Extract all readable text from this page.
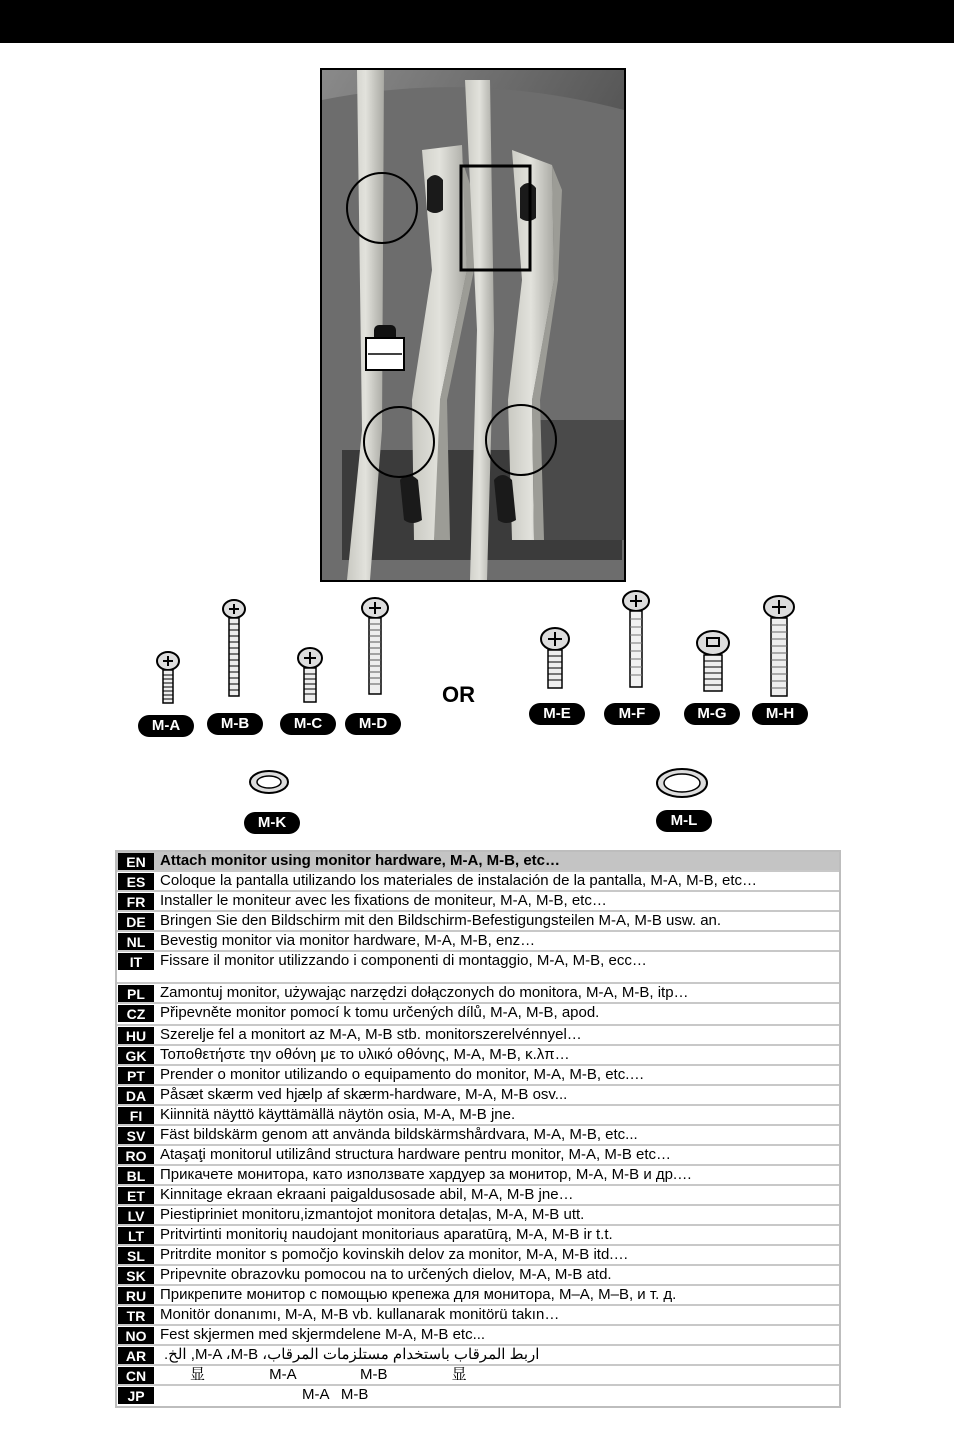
M-A	M-B	M-C	M-D
OR
M-E	M-F	M-G	M-H
M-K	M-L
EN Attach monitor using monitor hardware, M-A, M-B, etc…
ES Coloque la pantalla utilizando los materiales de instalación de la pantalla, M-A, M-B, etc…
FR Installer le moniteur avec les fixations de moniteur, M-A, M-B, etc…
DE Bringen Sie den Bildschirm mit den Bildschirm-Befestigungsteilen M-A, M-B usw. an.
NL Bevestig monitor via monitor hardware, M-A, M-B, enz…
IT	Fissare il monitor utilizzando i componenti di montaggio, M-A, M-B, ecc…
PL	Zamontuj monitor, używając narzędzi dołączonych do monitora, M-A, M-B, itp…
CZ Připevněte monitor pomocí k tomu určených dílů, M-A, M-B, apod.
HU Szerelje fel a monitort az M-A, M-B stb. monitorszerelvénnyel…
GK Τοποθετήστε την οθόνη με το υλικό οθόνης, M-A, M-B, κ.λπ…
PT	Prender o monitor utilizando o equipamento do monitor, M-A, M-B, etc.…
DA Påsæt skærm ved hjælp af skærm-hardware, M-A, M-B osv...
FI	Kiinnitä näyttö käyttämällä näytön osia, M-A, M-B jne.
SV Fäst bildskärm genom att använda bildskärmshårdvara, M-A, M-B, etc...
RO Ataşaţi monitorul utilizând structura hardware pentru monitor, M-A, M-B etc…
BL Прикачете монитора, като използвате хардуер за монитор, M-A, M-B и др.…
ET	Kinnitage ekraan ekraani paigaldusosade abil, M-A, M-B jne…
LV	Piestipriniet monitoru,izmantojot monitora detaļas, M-A, M-B utt.
LT	Pritvirtinti monitorių naudojant monitoriaus aparatūrą, M-A, M-B ir t.t.
SL	Pritrdite monitor s pomočjo kovinskih delov za monitor, M-A, M-B itd.…
SK Pripevnite obrazovku pomocou na to určených dielov, M-A, M-B atd.
RU Прикрепите монитор с помощью крепежа для монитора, M–A, M–B, и т. д.
TR Monitör donanımı, M-A, M-B vb. kullanarak monitörü takın…
NO Fest skjermen med skjermdelene M-A, M-B etc...
AR	اربط المرقاب باستخدام مستلزمات المرقاب، M-A ،M-B, الخ.
CN	显 M-A M-B 显
JP	M-A M-B
